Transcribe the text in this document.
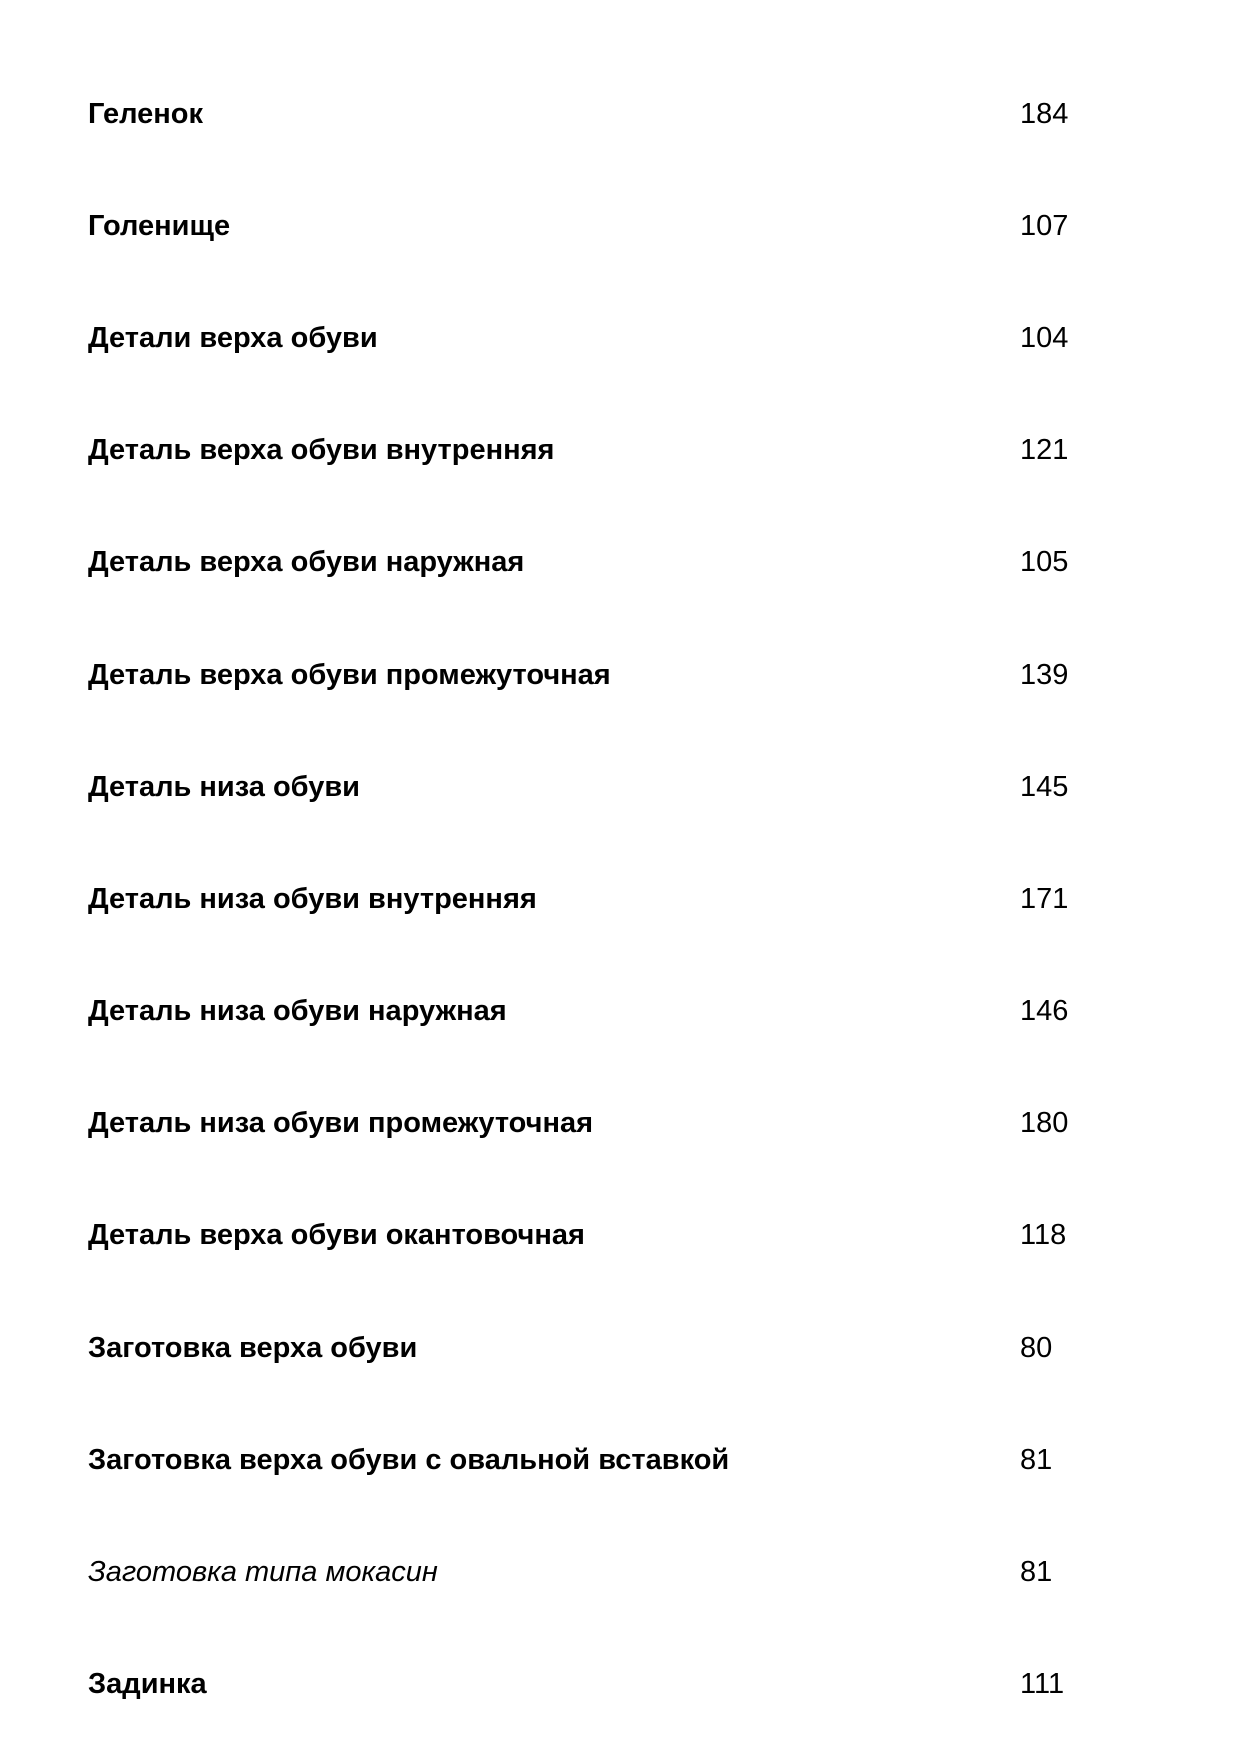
Геленок	184
Голенище	107
Детали верха обуви	104
Деталь верха обуви внутренняя	121
Деталь верха обуви наружная	105
Деталь верха обуви промежуточная	139
Деталь низа обуви	145
Деталь низа обуви внутренняя	171
Деталь низа обуви наружная	146
Деталь низа обуви промежуточная	180
Деталь верха обуви окантовочная	118
Заготовка верха обуви	80
Заготовка верха обуви с овальной вставкой	81
Заготовка типа мокасин	81
Задинка	111
